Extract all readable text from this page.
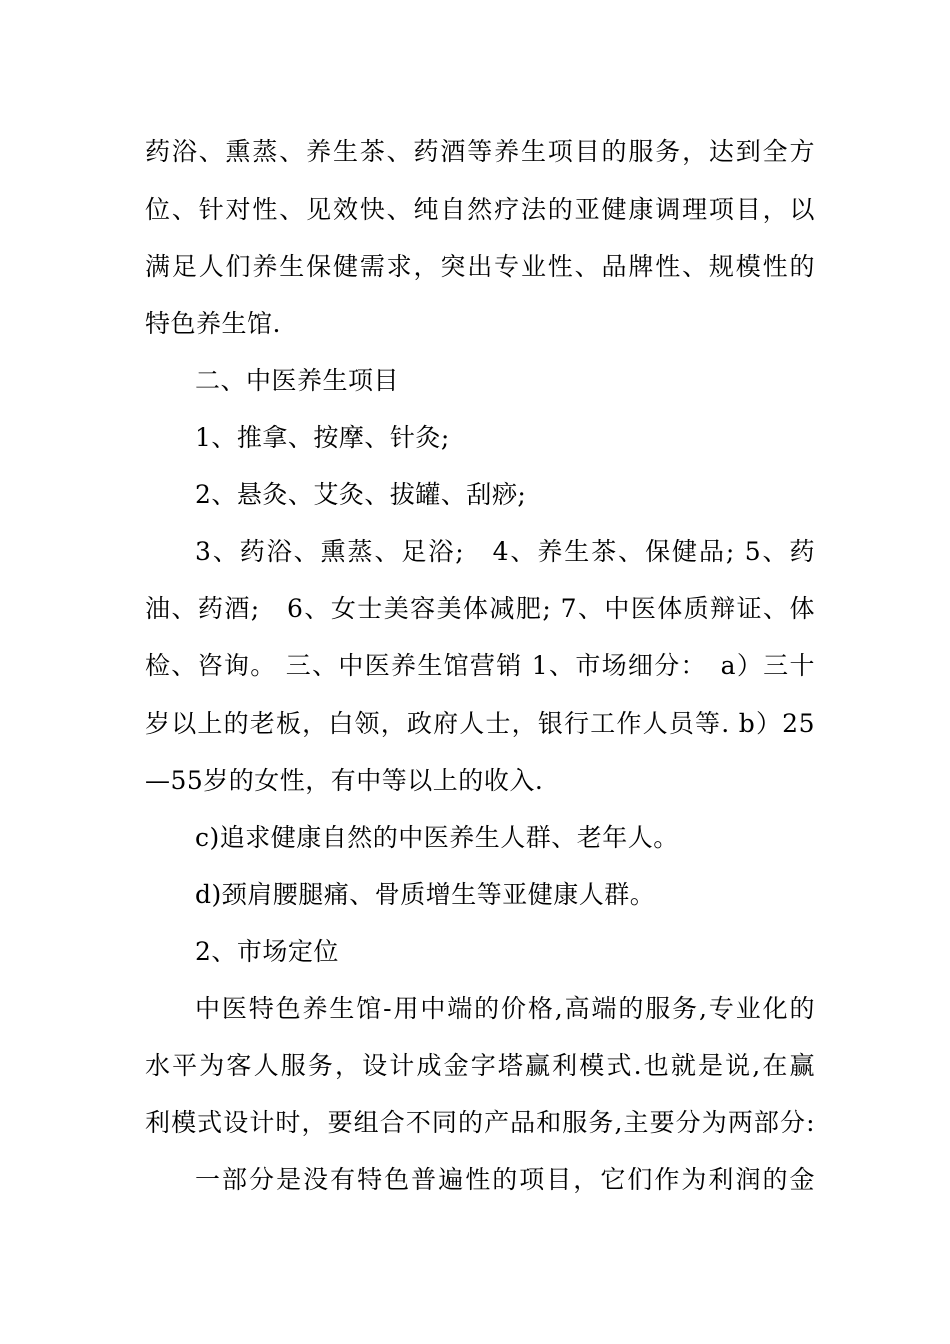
药浴、熏蒸、养生茶、药酒等养生项目的服务，达到全方
位、针对性、见效快、纯自然疗法的亚健康调理项目，以
满足人们养生保健需求，突出专业性、品牌性、规模性的
特色养生馆.
二、中医养生项目
1、推拿、按摩、针灸;
2、悬灸、艾灸、拔罐、刮痧;
3、药浴、熏蒸、足浴;　4、养生茶、保健品; 5、药
油、药酒;　6、女士美容美体减肥; 7、中医体质辩证、体
检、咨询。 三、中医养生馆营销 1、市场细分：　a）三十
岁以上的老板，白领，政府人士，银行工作人员等. b）25
—55岁的女性，有中等以上的收入.
c)追求健康自然的中医养生人群、老年人。
d)颈肩腰腿痛、骨质增生等亚健康人群。
2、市场定位
中医特色养生馆-用中端的价格,高端的服务,专业化的
水平为客人服务，设计成金字塔赢利模式.也就是说,在赢
利模式设计时，要组合不同的产品和服务,主要分为两部分:
一部分是没有特色普遍性的项目，它们作为利润的金
